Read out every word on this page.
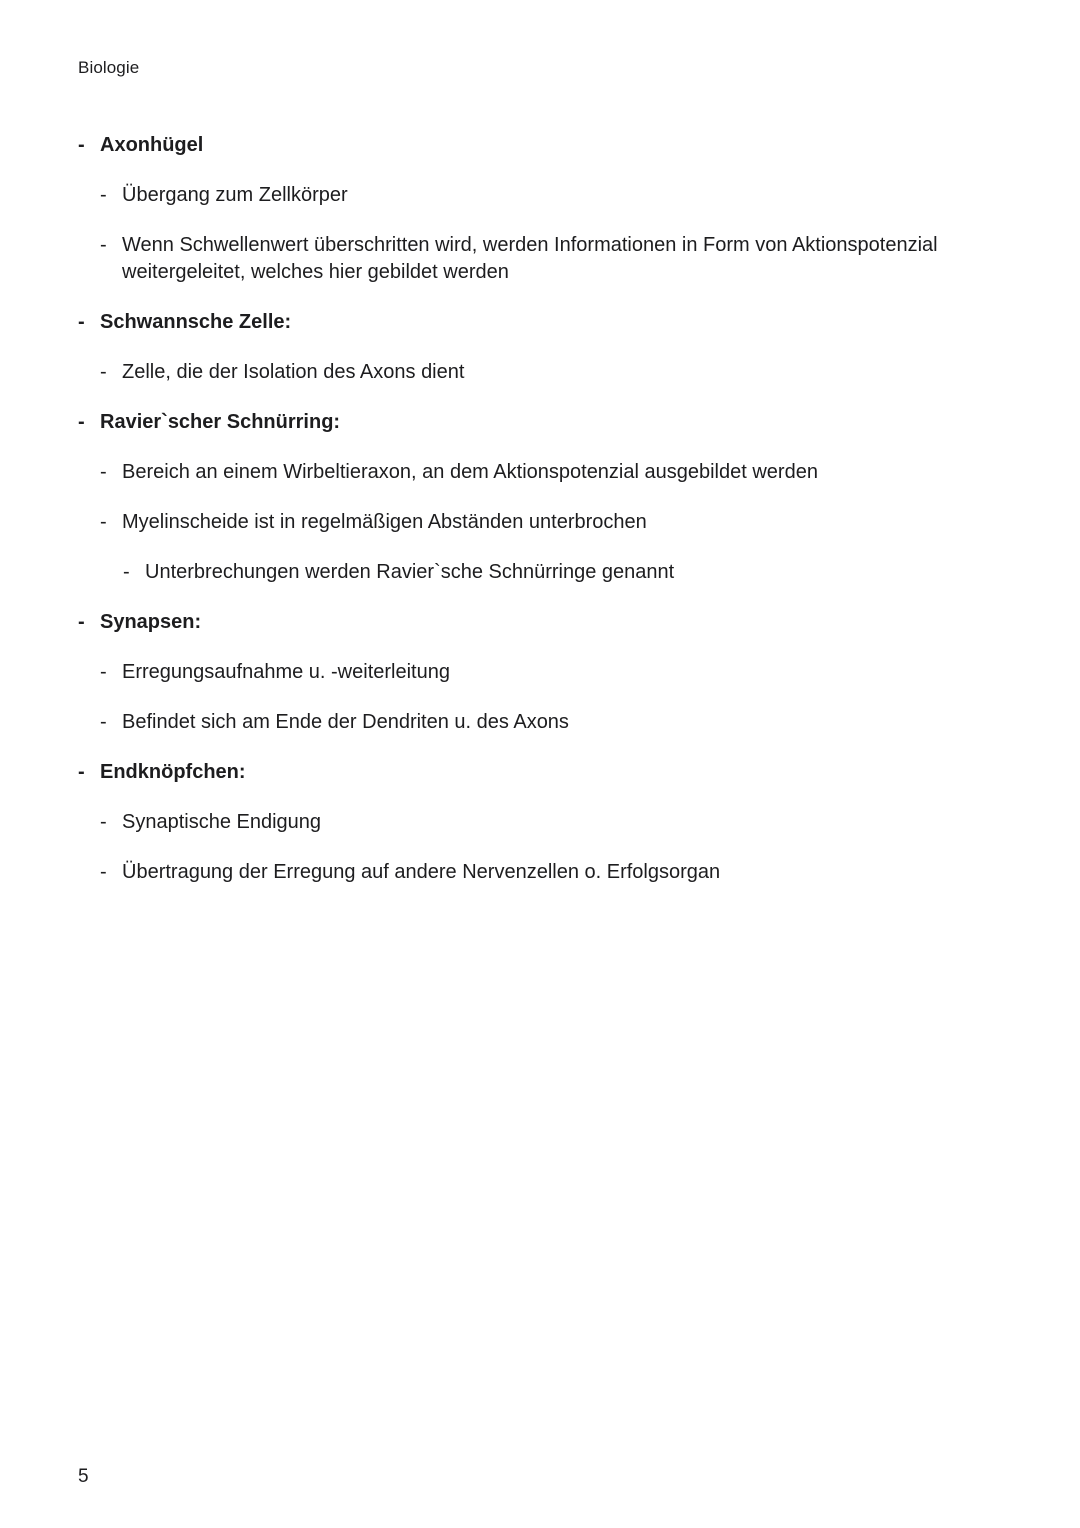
Biologie
-
Axonhügel
-
Übergang zum Zellkörper
-
Wenn Schwellenwert überschritten wird, werden Informationen in Form von Aktionspotenzial weitergeleitet, welches hier gebildet werden
-
Schwannsche Zelle:
-
Zelle, die der Isolation des Axons dient
-
Ravier`scher Schnürring:
-
Bereich an einem Wirbeltieraxon, an dem Aktionspotenzial ausgebildet werden
-
Myelinscheide ist in regelmäßigen Abständen unterbrochen
-
Unterbrechungen werden Ravier`sche Schnürringe genannt
-
Synapsen:
-
Erregungsaufnahme u. -weiterleitung
-
Befindet sich am Ende der Dendriten u. des Axons
-
Endknöpfchen:
-
Synaptische Endigung
-
Übertragung der Erregung auf andere Nervenzellen o. Erfolgsorgan
5
